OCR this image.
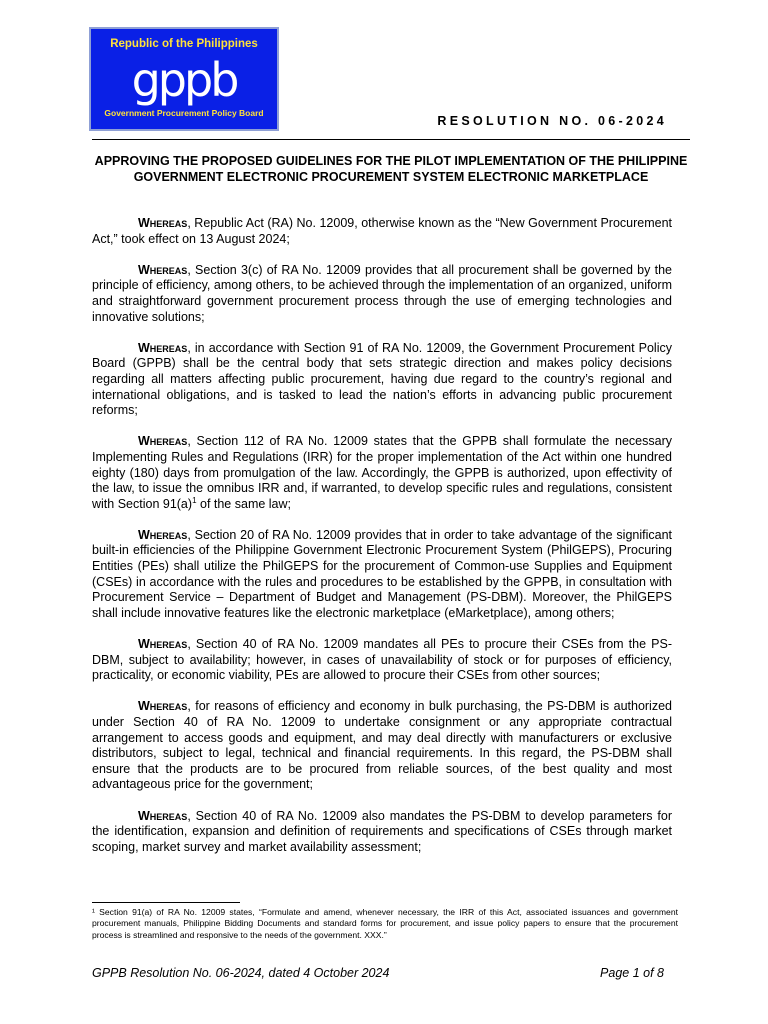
Republic of the Philippines
gppb
Government Procurement Policy Board
RESOLUTION NO. 06-2024
APPROVING THE PROPOSED GUIDELINES FOR THE PILOT IMPLEMENTATION OF THE PHILIPPINE GOVERNMENT ELECTRONIC PROCUREMENT SYSTEM ELECTRONIC MARKETPLACE

Whereas, Republic Act (RA) No. 12009, otherwise known as the “New Government Procurement Act,” took effect on 13 August 2024;

Whereas, Section 3(c) of RA No. 12009 provides that all procurement shall be governed by the principle of efficiency, among others, to be achieved through the implementation of an organized, uniform and straightforward government procurement process through the use of emerging technologies and innovative solutions;

Whereas, in accordance with Section 91 of RA No. 12009, the Government Procurement Policy Board (GPPB) shall be the central body that sets strategic direction and makes policy decisions regarding all matters affecting public procurement, having due regard to the country’s regional and international obligations, and is tasked to lead the nation’s efforts in advancing public procurement reforms;

Whereas, Section 112 of RA No. 12009 states that the GPPB shall formulate the necessary Implementing Rules and Regulations (IRR) for the proper implementation of the Act within one hundred eighty (180) days from promulgation of the law. Accordingly, the GPPB is authorized, upon effectivity of the law, to issue the omnibus IRR and, if warranted, to develop specific rules and regulations, consistent with Section $91(a)^1$ of the same law;

Whereas, Section 20 of RA No. 12009 provides that in order to take advantage of the significant built-in efficiencies of the Philippine Government Electronic Procurement System (PhilGEPS), Procuring Entities (PEs) shall utilize the PhilGEPS for the procurement of Common-use Supplies and Equipment (CSEs) in accordance with the rules and procedures to be established by the GPPB, in consultation with Procurement Service – Department of Budget and Management (PS-DBM). Moreover, the PhilGEPS shall include innovative features like the electronic marketplace (eMarketplace), among others;

Whereas, Section 40 of RA No. 12009 mandates all PEs to procure their CSEs from the PS-DBM, subject to availability; however, in cases of unavailability of stock or for purposes of efficiency, practicality, or economic viability, PEs are allowed to procure their CSEs from other sources;

Whereas, for reasons of efficiency and economy in bulk purchasing, the PS-DBM is authorized under Section 40 of RA No. 12009 to undertake consignment or any appropriate contractual arrangement to access goods and equipment, and may deal directly with manufacturers or exclusive distributors, subject to legal, technical and financial requirements. In this regard, the PS-DBM shall ensure that the products are to be procured from reliable sources, of the best quality and most advantageous price for the government;

Whereas, Section 40 of RA No. 12009 also mandates the PS-DBM to develop parameters for the identification, expansion and definition of requirements and specifications of CSEs through market scoping, market survey and market availability assessment;

¹ Section 91(a) of RA No. 12009 states, “Formulate and amend, whenever necessary, the IRR of this Act, associated issuances and government procurement manuals, Philippine Bidding Documents and standard forms for procurement, and issue policy papers to ensure that the procurement process is streamlined and responsive to the needs of the government. XXX.”
GPPB Resolution No. 06-2024, dated 4 October 2024	Page 1 of 8
